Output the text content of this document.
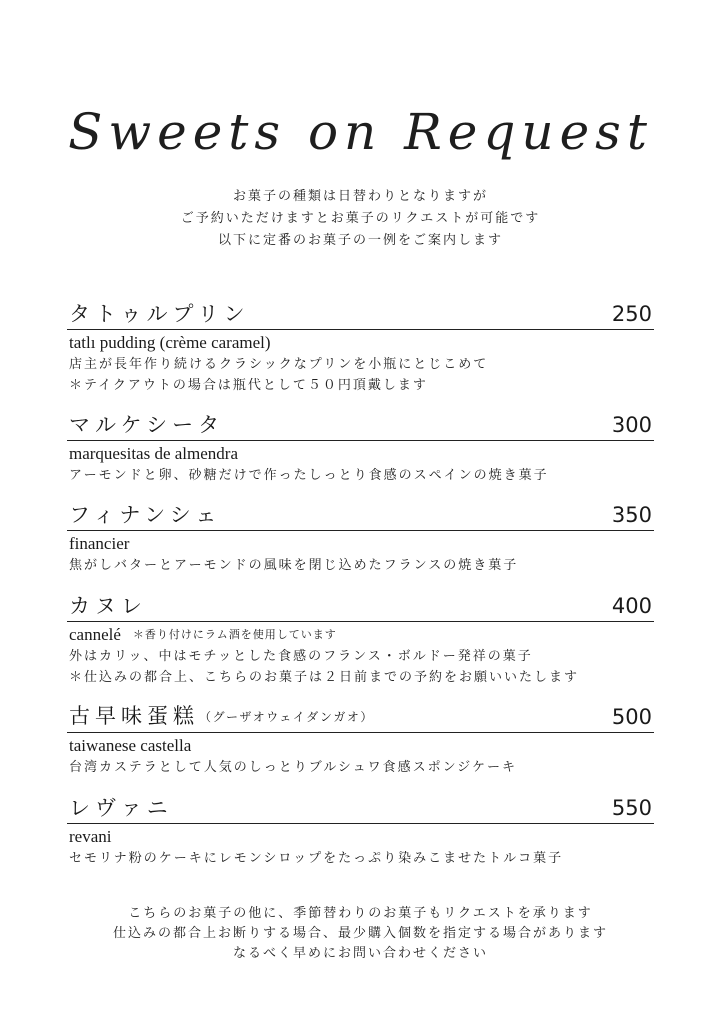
Sweets on Request
お菓子の種類は日替わりとなりますが
ご予約いただけますとお菓子のリクエストが可能です
以下に定番のお菓子の一例をご案内します
タトゥルプリン	250
tatlı pudding (crème caramel)
店主が長年作り続けるクラシックなプリンを小瓶にとじこめて
＊テイクアウトの場合は瓶代として５０円頂戴します
マルケシータ	300
marquesitas de almendra
アーモンドと卵、砂糖だけで作ったしっとり食感のスペインの焼き菓子
フィナンシェ	350
financier
焦がしバターとアーモンドの風味を閉じ込めたフランスの焼き菓子
カヌレ	400
cannelé ＊香り付けにラム酒を使用しています
外はカリッ、中はモチッとした食感のフランス・ボルドー発祥の菓子
＊仕込みの都合上、こちらのお菓子は２日前までの予約をお願いいたします
古早味蛋糕（グーザオウェイダンガオ）	500
taiwanese castella
台湾カステラとして人気のしっとりブルシュワ食感スポンジケーキ
レヴァニ	550
revani
セモリナ粉のケーキにレモンシロップをたっぷり染みこませたトルコ菓子
こちらのお菓子の他に、季節替わりのお菓子もリクエストを承ります
仕込みの都合上お断りする場合、最少購入個数を指定する場合があります
なるべく早めにお問い合わせください
